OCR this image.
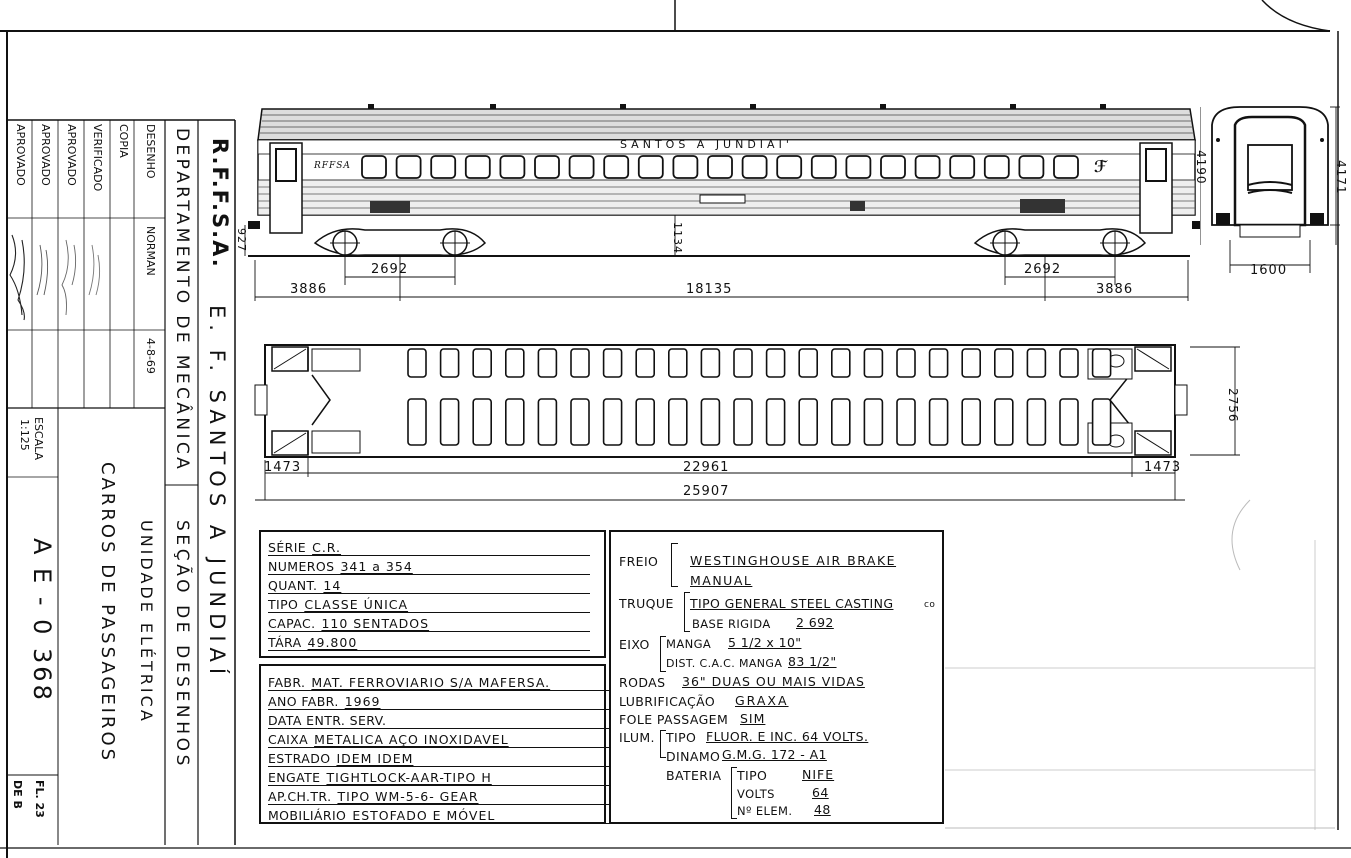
R.F.F.S.A.
E. F. SANTOS A JUNDIAÍ
DEPARTAMENTO DE MECÂNICA
SEÇÃO DE DESENHOS
UNIDADE ELÉTRICA
CARROS DE PASSAGEIROS
ESCALA
1:125
A E - 0 368
FL. 23
DE B
DESENHO
NORMAN
4-8-69
COPIA
VERIFICADO
APROVADO
APROVADO
APROVADO
2692	2692
3886	18135	3886
1134
927
SANTOS A JUNDIAI'
RFFSA	ℱ	4190	4171
1600
1473	22961	1473
25907
2756
SÉRIE C.R.
NUMEROS 341 a 354
QUANT. 14
TIPO CLASSE ÚNICA
CAPAC. 110 SENTADOS
TÁRA 49.800
FABR. MAT. FERROVIARIO S/A MAFERSA.
ANO FABR. 1969
DATA ENTR. SERV.
CAIXA METALICA AÇO INOXIDAVEL
ESTRADO IDEM IDEM
ENGATE TIGHTLOCK-AAR-TIPO H
AP.CH.TR. TIPO WM-5-6- GEAR
MOBILIÁRIO ESTOFADO E MÓVEL
FREIO	WESTINGHOUSE AIR BRAKE
MANUAL
TRUQUE TIPO GENERAL STEEL CASTING	co
BASE RIGIDA 2 692
EIXO MANGA 5 1/2 x 10"
DIST. C.A.C. MANGA 83 1/2"
RODAS 36" DUAS OU MAIS VIDAS
LUBRIFICAÇÃO GRAXA
FOLE PASSAGEM SIM
ILUM. TIPO FLUOR. E INC. 64 VOLTS.
DINAMO G.M.G. 172 - A1
BATERIA TIPO	NIFE
VOLTS	64
Nº ELEM. 48
